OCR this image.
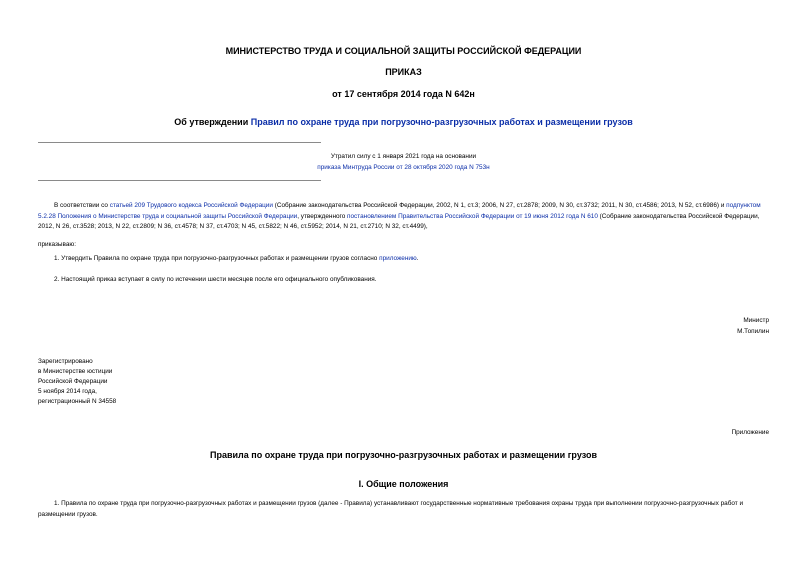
МИНИСТЕРСТВО ТРУДА И СОЦИАЛЬНОЙ ЗАЩИТЫ РОССИЙСКОЙ ФЕДЕРАЦИИ
ПРИКАЗ
от 17 сентября 2014 года N 642н
Об утверждении Правил по охране труда при погрузочно-разгрузочных работах и размещении грузов
Утратил силу с 1 января 2021 года на основании
приказа Минтруда России от 28 октября 2020 года N 753н
В соответствии со статьей 209 Трудового кодекса Российской Федерации (Собрание законодательства Российской Федерации, 2002, N 1, ст.3; 2006, N 27, ст.2878; 2009, N 30, ст.3732; 2011, N 30, ст.4586; 2013, N 52, ст.6986) и подпунктом 5.2.28 Положения о Министерстве труда и социальной защиты Российской Федерации, утвержденного постановлением Правительства Российской Федерации от 19 июня 2012 года N 610 (Собрание законодательства Российской Федерации, 2012, N 26, ст.3528; 2013, N 22, ст.2809; N 36, ст.4578; N 37, ст.4703; N 45, ст.5822; N 46, ст.5952; 2014, N 21, ст.2710; N 32, ст.4499),
приказываю:
1. Утвердить Правила по охране труда при погрузочно-разгрузочных работах и размещении грузов согласно приложению.
2. Настоящий приказ вступает в силу по истечении шести месяцев после его официального опубликования.
Министр
М.Топилин
Зарегистрировано
в Министерстве юстиции
Российской Федерации
5 ноября 2014 года,
регистрационный N 34558
Приложение
Правила по охране труда при погрузочно-разгрузочных работах и размещении грузов
I. Общие положения
1. Правила по охране труда при погрузочно-разгрузочных работах и размещении грузов (далее - Правила) устанавливают государственные нормативные требования охраны труда при выполнении погрузочно-разгрузочных работ и размещении грузов.
